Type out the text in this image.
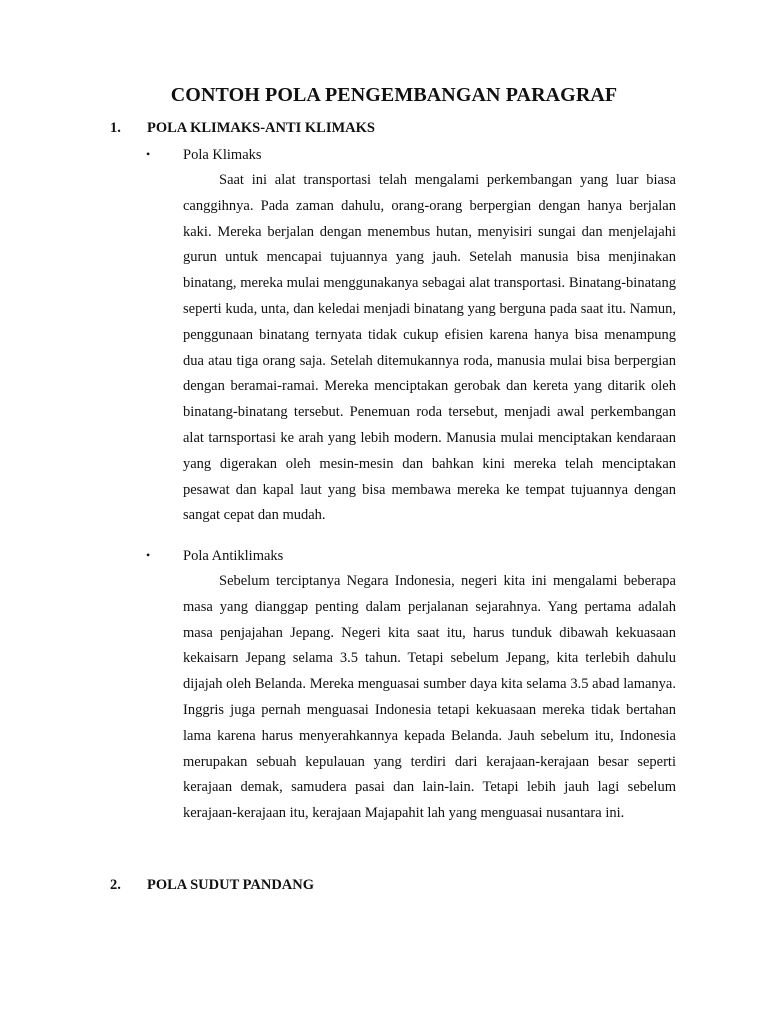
CONTOH POLA PENGEMBANGAN PARAGRAF
1. POLA KLIMAKS-ANTI KLIMAKS
• Pola Klimaks

Saat ini alat transportasi telah mengalami perkembangan yang luar biasa canggihnya. Pada zaman dahulu, orang-orang berpergian dengan hanya berjalan kaki. Mereka berjalan dengan menembus hutan, menyisiri sungai dan menjelajahi gurun untuk mencapai tujuannya yang jauh. Setelah manusia bisa menjinakan binatang, mereka mulai menggunakanya sebagai alat transportasi. Binatang-binatang seperti kuda, unta, dan keledai menjadi binatang yang berguna pada saat itu. Namun, penggunaan binatang ternyata tidak cukup efisien karena hanya bisa menampung dua atau tiga orang saja. Setelah ditemukannya roda, manusia mulai bisa berpergian dengan beramai-ramai. Mereka menciptakan gerobak dan kereta yang ditarik oleh binatang-binatang tersebut. Penemuan roda tersebut, menjadi awal perkembangan alat tarnsportasi ke arah yang lebih modern. Manusia mulai menciptakan kendaraan yang digerakan oleh mesin-mesin dan bahkan kini mereka telah menciptakan pesawat dan kapal laut yang bisa membawa mereka ke tempat tujuannya dengan sangat cepat dan mudah.

• Pola Antiklimaks

Sebelum terciptanya Negara Indonesia, negeri kita ini mengalami beberapa masa yang dianggap penting dalam perjalanan sejarahnya. Yang pertama adalah masa penjajahan Jepang. Negeri kita saat itu, harus tunduk dibawah kekuasaan kekaisarn Jepang selama 3.5 tahun. Tetapi sebelum Jepang, kita terlebih dahulu dijajah oleh Belanda. Mereka menguasai sumber daya kita selama 3.5 abad lamanya. Inggris juga pernah menguasai Indonesia tetapi kekuasaan mereka tidak bertahan lama karena harus menyerahkannya kepada Belanda. Jauh sebelum itu, Indonesia merupakan sebuah kepulauan yang terdiri dari kerajaan-kerajaan besar seperti kerajaan demak, samudera pasai dan lain-lain. Tetapi lebih jauh lagi sebelum kerajaan-kerajaan itu, kerajaan Majapahit lah yang menguasai nusantara ini.

2. POLA SUDUT PANDANG
